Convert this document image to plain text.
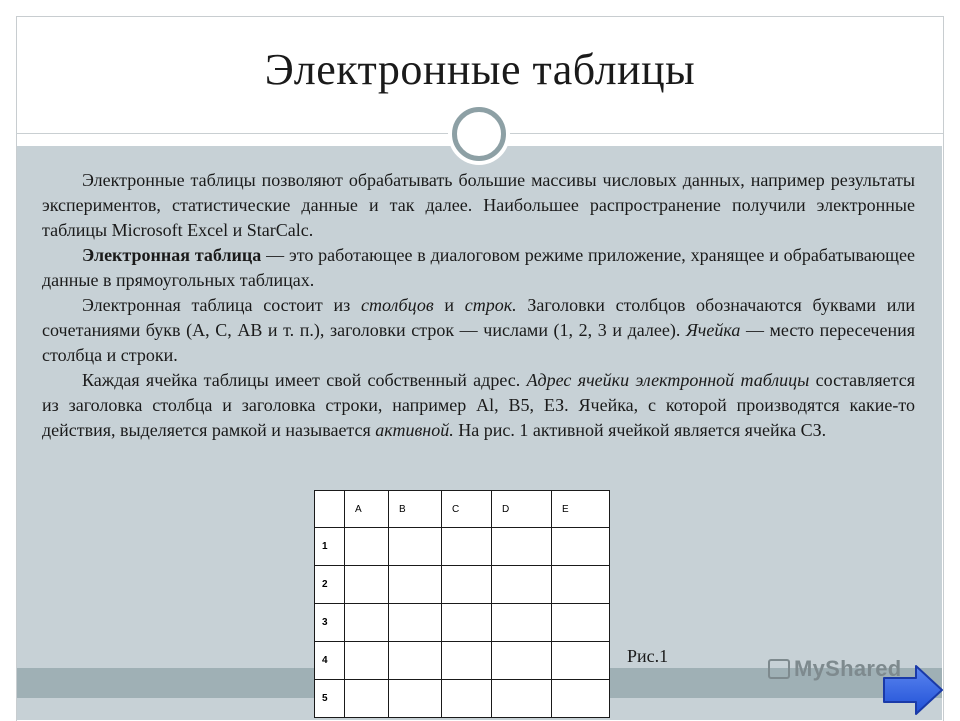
Электронные таблицы

Электронные таблицы позволяют обрабатывать большие массивы числовых данных, например результаты экспериментов, статистические данные и так далее. Наибольшее распространение получили электронные таблицы Microsoft Excel и StarCalc.

Электронная таблица — это работающее в диалоговом режиме приложение, хранящее и обрабатывающее данные в прямоугольных таблицах.

Электронная таблица состоит из столбцов и строк. Заголовки столбцов обозначаются буквами или сочетаниями букв (А, С, АВ и т. п.), заголовки строк — числами (1, 2, 3 и далее). Ячейка — место пересечения столбца и строки.

Каждая ячейка таблицы имеет свой собственный адрес. Адрес ячейки электронной таблицы составляется из заголовка столбца и заголовка строки, например Al, В5, ЕЗ. Ячейка, с которой производятся какие-то действия, выделяется рамкой и называется активной. На рис. 1 активной ячейкой является ячейка СЗ.

	A	B	C	D	E
1					
2					
3					
4					
5					
Рис.1	MyShared
